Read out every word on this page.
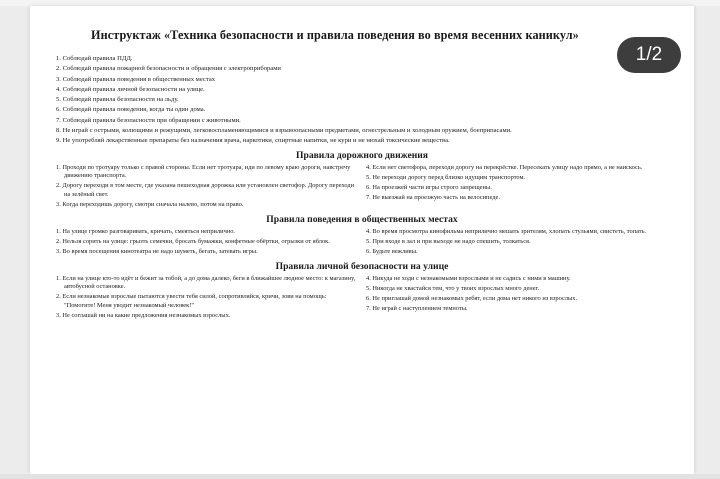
Инструктаж «Техника безопасности и правила поведения во время весенних каникул»
1. Соблюдай правила ПДД.
2. Соблюдай правила пожарной безопасности и обращения с электроприборами
3. Соблюдай правила поведения в общественных местах
4. Соблюдай правила личной безопасности на улице.
5. Соблюдай правила безопасности на льду.
6. Соблюдай правила поведения, когда ты один дома.
7. Соблюдай правила безопасности при обращении с животными.
8. Не играй с острыми, колющими и режущими, легковоспламеняющимися и взрывоопасными предметами, огнестрельным и холодным оружием, боеприпасами.
9. Не употребляй лекарственные препараты без назначения врача, наркотики, спиртные напитки, не кури и не нюхай токсические вещества.
Правила дорожного движения
1. Проходи по тротуару только с правой стороны. Если нет тротуара, иди по левому краю дороги, навстречу движению транспорта.
2. Дорогу переходи в том месте, где указана пешеходная дорожка или установлен светофор. Дорогу переходи на зелёный свет.
3. Когда переходишь дорогу, смотри сначала налево, потом на право.
4. Если нет светофора, переходи дорогу на перекрёстке. Пересекать улицу надо прямо, а не наискось.
5. Не переходи дорогу перед близко идущим транспортом.
6. На проезжей части игры строго запрещены.
7. Не выезжай на проезжую часть на велосипеде.
Правила поведения в общественных местах
1. На улице громко разговаривать, кричать, смеяться неприлично.
2. Нельзя сорить на улице: грызть семечки, бросать бумажки, конфетные обёртки, огрызки от яблок.
3. Во время посещения кинотеатра не надо шуметь, бегать, затевать игры.
4. Во время просмотра кинофильма неприлично мешать зрителям, хлопать стульями, свистеть, топать.
5. При входе в зал и при выходе не надо спешить, толкаться.
6. Будьте вежливы.
Правила личной безопасности на улице
1. Если на улице кто-то идёт и бежит за тобой, а до дома далеко, беги в ближайшее людное место: к магазину, автобусной остановке.
2. Если незнакомые взрослые пытаются увести тебя силой, сопротивляйся, кричи, зови на помощь: "Помогите! Меня уводит незнакомый человек!"
3. Не соглашай ни на какие предложения незнакомых взрослых.
4. Никуда не ходи с незнакомыми взрослыми и не садись с ними в машину.
5. Никогда не хвастайся тем, что у твоих взрослых много денег.
6. Не приглашай домой незнакомых ребят, если дома нет никого из взрослых.
7. Не играй с наступлением темноты.
1/2
